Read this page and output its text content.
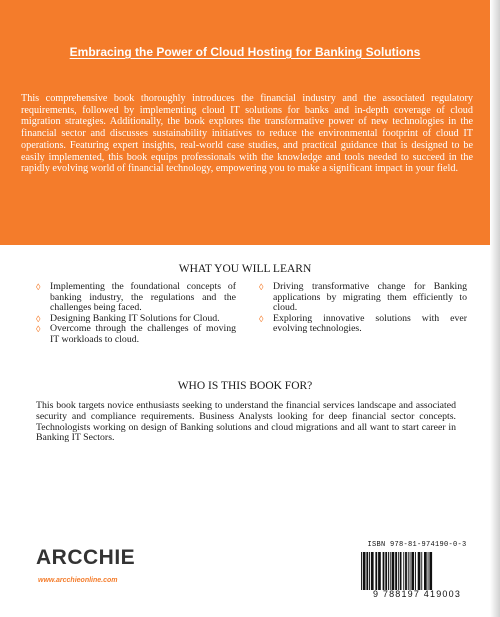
Embracing the Power of Cloud Hosting for Banking Solutions

This comprehensive book thoroughly introduces the financial industry and the associated regulatory requirements, followed by implementing cloud IT solutions for banks and in-depth coverage of cloud migration strategies. Additionally, the book explores the transformative power of new technologies in the financial sector and discusses sustainability initiatives to reduce the environmental footprint of cloud IT operations. Featuring expert insights, real-world case studies, and practical guidance that is designed to be easily implemented, this book equips professionals with the knowledge and tools needed to succeed in the rapidly evolving world of financial technology, empowering you to make a significant impact in your field.

WHAT YOU WILL LEARN
◊ Implementing the foundational concepts of banking industry, the regulations and the challenges being faced.
◊ Designing Banking IT Solutions for Cloud.
◊ Overcome through the challenges of moving IT workloads to cloud.
◊ Driving transformative change for Banking applications by migrating them efficiently to cloud.
◊ Exploring innovative solutions with ever evolving technologies.
WHO IS THIS BOOK FOR?

This book targets novice enthusiasts seeking to understand the financial services landscape and associated security and compliance requirements. Business Analysts looking for deep financial sector concepts. Technologists working on design of Banking solutions and cloud migrations and all want to start career in Banking IT Sectors.

ARCCHIE
www.arcchieonline.com
ISBN 978-81-974190-0-3
9 788197 419003
